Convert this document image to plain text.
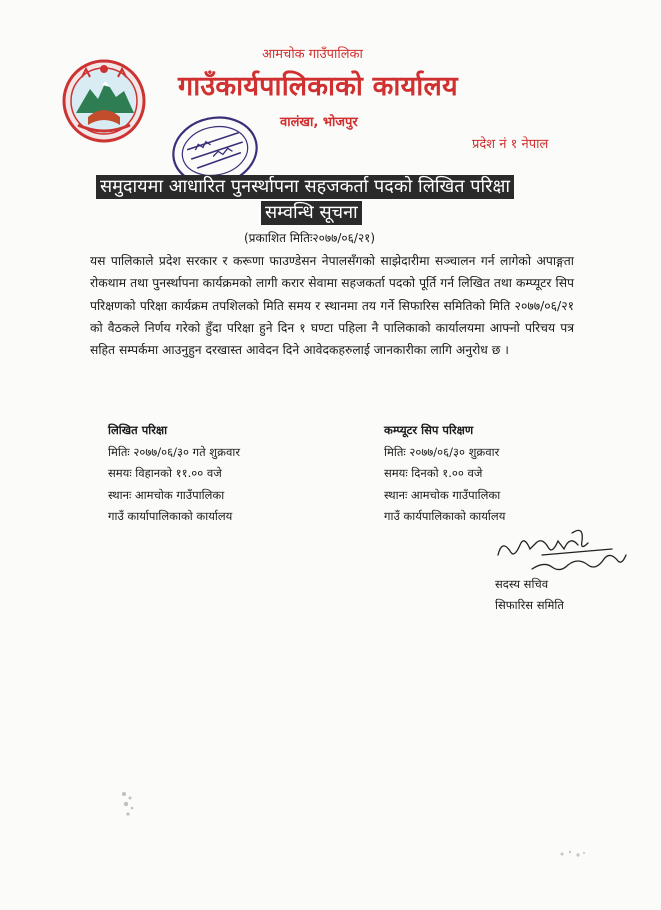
आमचोक गाउँपालिका
गाउँकार्यपालिकाको कार्यालय
वालंखा, भोजपुर
प्रदेश नं १ नेपाल
समुदायमा आधारित पुनर्स्थापना सहजकर्ता पदको लिखित परिक्षा
सम्वन्धि सूचना
(प्रकाशित मितिः२०७७/०६/२१)
यस पालिकाले प्रदेश सरकार र करूणा फाउण्डेसन नेपालसँगको साझेदारीमा सञ्चालन गर्न लागेको अपाङ्गता रोकथाम तथा पुनर्स्थापना कार्यक्रमको लागी करार सेवामा सहजकर्ता पदको पूर्ति गर्न लिखित तथा कम्प्यूटर सिप परिक्षणको परिक्षा कार्यक्रम तपशिलको मिति समय र स्थानमा तय गर्ने सिफारिस समितिको मिति २०७७/०६/२१ को वैठकले निर्णय गरेको हुँदा परिक्षा हुने दिन १ घण्टा पहिला नै पालिकाको कार्यालयमा आफ्नो परिचय पत्र सहित सम्पर्कमा आउनुहुन दरखास्त आवेदन दिने आवेदकहरुलाई जानकारीका लागि अनुरोध छ ।
लिखित परिक्षा
मितिः २०७७/०६/३० गते शुक्रवार
समयः विहानको ११.०० वजे
स्थानः आमचोक गाउँपालिका
गाउँ कार्यापालिकाको कार्यालय
कम्प्यूटर सिप परिक्षण
मितिः २०७७/०६/३० शुक्रवार
समयः दिनको १.०० वजे
स्थानः आमचोक गाउँपालिका
गाउँ कार्यपालिकाको कार्यालय
सदस्य सचिव
सिफारिस समिति
